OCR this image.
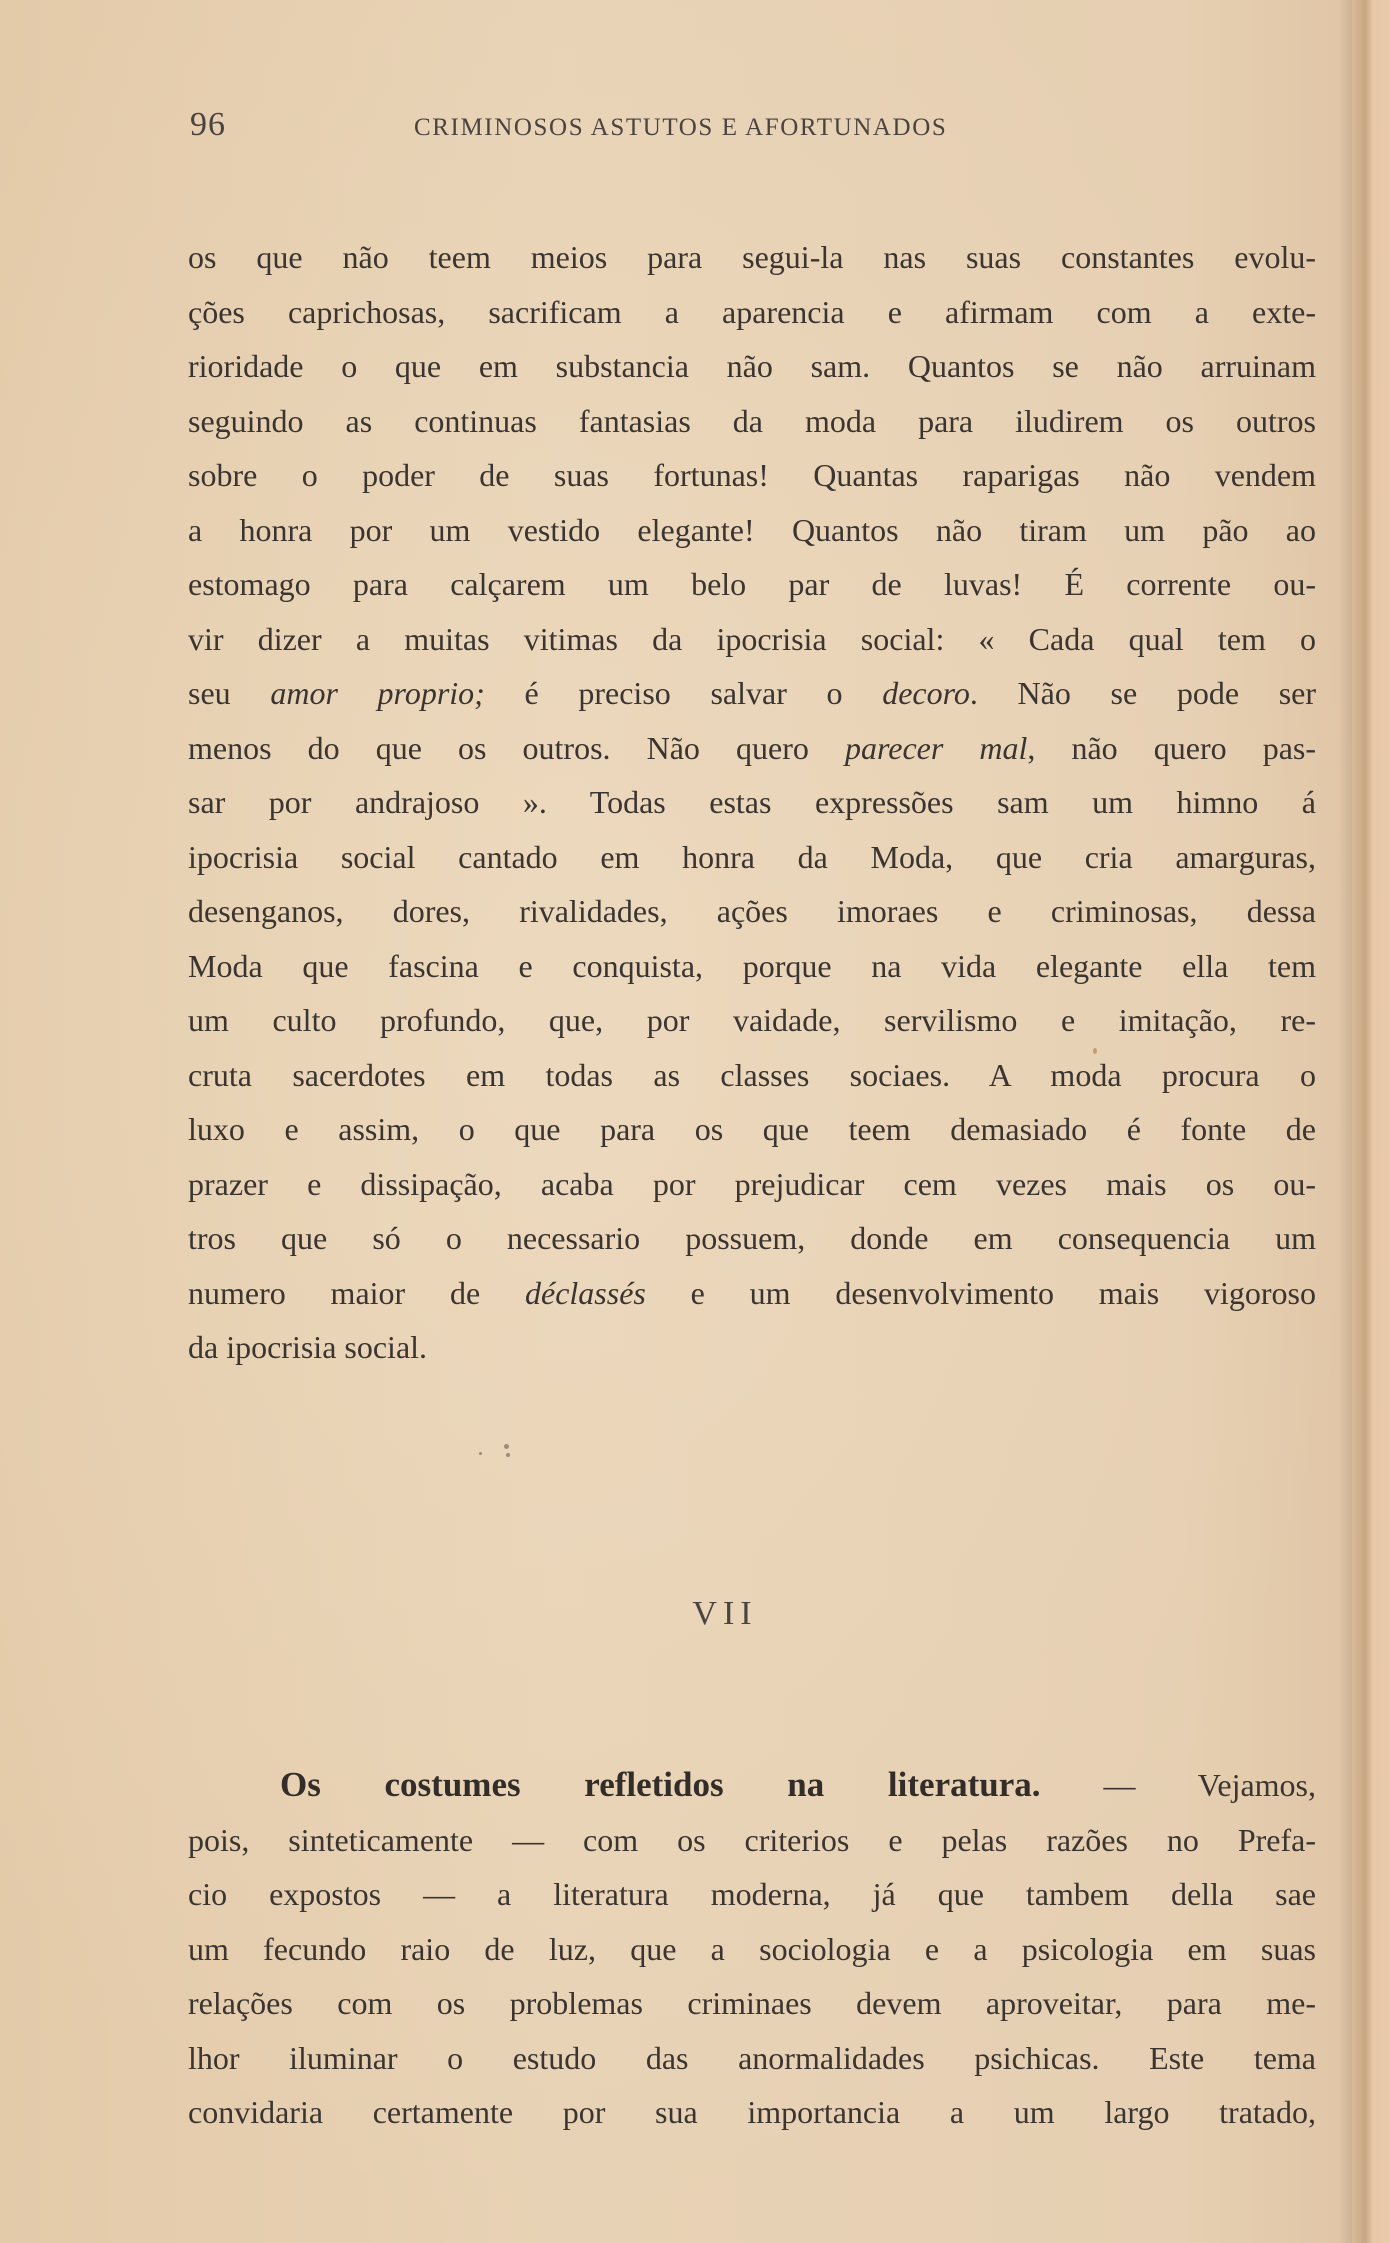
96	CRIMINOSOS ASTUTOS E AFORTUNADOS
os que não teem meios para segui-la nas suas constantes evolu-
ções caprichosas, sacrificam a aparencia e afirmam com a exte-
rioridade o que em substancia não sam. Quantos se não arruinam
seguindo as continuas fantasias da moda para iludirem os outros
sobre o poder de suas fortunas! Quantas raparigas não vendem
a honra por um vestido elegante! Quantos não tiram um pão ao
estomago para calçarem um belo par de luvas! É corrente ou-
vir dizer a muitas vitimas da ipocrisia social: « Cada qual tem o
seu amor proprio; é preciso salvar o decoro. Não se pode ser
menos do que os outros. Não quero parecer mal, não quero pas-
sar por andrajoso ». Todas estas expressões sam um himno á
ipocrisia social cantado em honra da Moda, que cria amarguras,
desenganos, dores, rivalidades, ações imoraes e criminosas, dessa
Moda que fascina e conquista, porque na vida elegante ella tem
um culto profundo, que, por vaidade, servilismo e imitação, re-
cruta sacerdotes em todas as classes sociaes. A moda procura o
luxo e assim, o que para os que teem demasiado é fonte de
prazer e dissipação, acaba por prejudicar cem vezes mais os ou-
tros que só o necessario possuem, donde em consequencia um
numero maior de déclassés e um desenvolvimento mais vigoroso
da ipocrisia social.
VII
Os costumes refletidos na literatura. — Vejamos,
pois, sinteticamente — com os criterios e pelas razões no Prefa-
cio expostos — a literatura moderna, já que tambem della sae
um fecundo raio de luz, que a sociologia e a psicologia em suas
relações com os problemas criminaes devem aproveitar, para me-
lhor iluminar o estudo das anormalidades psichicas. Este tema
convidaria certamente por sua importancia a um largo tratado,
